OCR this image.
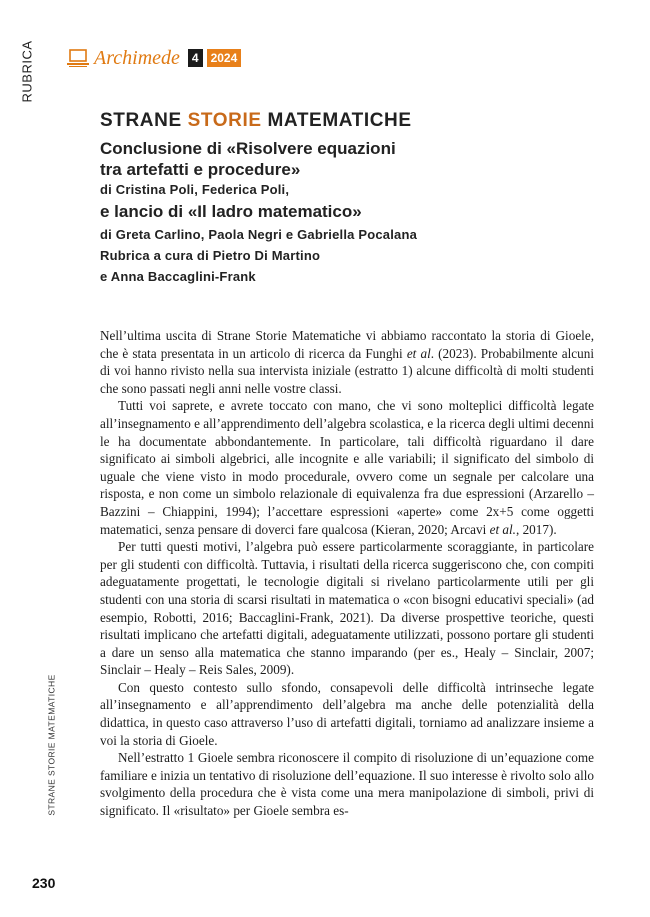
RUBRICA	Archimede	4	2024
STRANE STORIE MATEMATICHE
Conclusione di «Risolvere equazioni
tra artefatti e procedure»
di Cristina Poli, Federica Poli,
e lancio di «Il ladro matematico»
di Greta Carlino, Paola Negri e Gabriella Pocalana
Rubrica a cura di Pietro Di Martino
e Anna Baccaglini-Frank

Nell’ultima uscita di Strane Storie Matematiche vi abbiamo raccontato la storia di Gioele, che è stata presentata in un articolo di ricerca da Funghi et al. (2023). Probabilmente alcuni di voi hanno rivisto nella sua intervista iniziale (estratto 1) alcune difficoltà di molti studenti che sono passati negli anni nelle vostre classi.

Tutti voi saprete, e avrete toccato con mano, che vi sono molteplici difficoltà legate all’insegnamento e all’apprendimento dell’algebra scolastica, e la ricerca degli ultimi decenni le ha documentate abbondantemente. In particolare, tali difficoltà riguardano il dare significato ai simboli algebrici, alle incognite e alle variabili; il significato del simbolo di uguale che viene visto in modo procedurale, ovvero come un segnale per calcolare una risposta, e non come un simbolo relazionale di equivalenza fra due espressioni (Arzarello – Bazzini – Chiappini, 1994); l’accettare espressioni «aperte» come 2x+5 come oggetti matematici, senza pensare di doverci fare qualcosa (Kieran, 2020; Arcavi et al., 2017).

Per tutti questi motivi, l’algebra può essere particolarmente scoraggiante, in particolare per gli studenti con difficoltà. Tuttavia, i risultati della ricerca suggeriscono che, con compiti adeguatamente progettati, le tecnologie digitali si rivelano particolarmente utili per gli studenti con una storia di scarsi risultati in matematica o «con bisogni educativi speciali» (ad esempio, Robotti, 2016; Baccaglini-Frank, 2021). Da diverse prospettive teoriche, questi risultati implicano che artefatti digitali, adeguatamente utilizzati, possono portare gli studenti a dare un senso alla matematica che stanno imparando (per es., Healy – Sinclair, 2007; Sinclair – Healy – Reis Sales, 2009).

Con questo contesto sullo sfondo, consapevoli delle difficoltà intrinseche legate all’insegnamento e all’apprendimento dell’algebra ma anche delle potenzialità della didattica, in questo caso attraverso l’uso di artefatti digitali, torniamo ad analizzare insieme a voi la storia di Gioele.

Nell’estratto 1 Gioele sembra riconoscere il compito di risoluzione di un’equazione come familiare e inizia un tentativo di risoluzione dell’equazione. Il suo interesse è rivolto solo allo svolgimento della procedura che è vista come una mera manipolazione di simboli, privi di significato. Il «risultato» per Gioele sembra es-

STRANE STORIE MATEMATICHE
230
